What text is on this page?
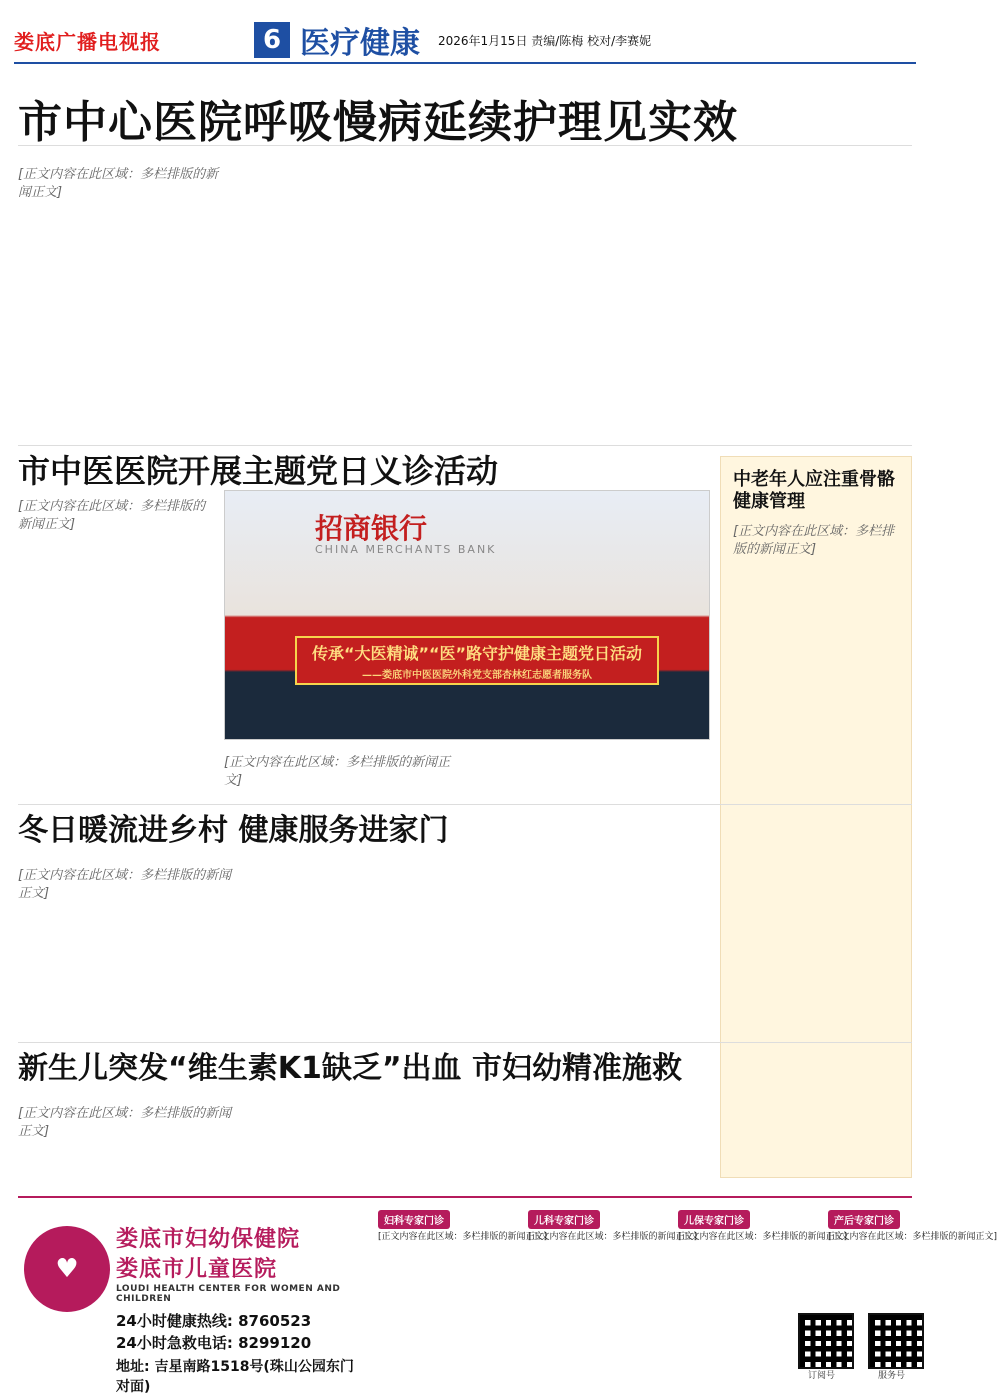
娄底广播电视报	6 医疗健康 2026年1月15日 责编/陈梅 校对/李赛妮
市中心医院呼吸慢病延续护理见实效
[正文内容在此区域：多栏排版的新闻正文]
市中医医院开展主题党日义诊活动
[正文内容在此区域：多栏排版的新闻正文]	招商银行
CHINA MERCHANTS BANK
传承“大医精诚”“医”路守护健康主题党日活动
——娄底市中医医院外科党支部杏林红志愿者服务队
[正文内容在此区域：多栏排版的新闻正文]
中老年人应注重骨骼健康管理
[正文内容在此区域：多栏排版的新闻正文]
冬日暖流进乡村 健康服务进家门
[正文内容在此区域：多栏排版的新闻正文]
新生儿突发“维生素K1缺乏”出血 市妇幼精准施救
[正文内容在此区域：多栏排版的新闻正文]
♥
娄底市妇幼保健院
娄底市儿童医院
LOUDI HEALTH CENTER FOR WOMEN AND CHILDREN
24小时健康热线: 8760523
24小时急救电话: 8299120
地址: 吉星南路1518号(珠山公园东门对面)
妇科专家门诊
[正文内容在此区域：多栏排版的新闻正文]
儿科专家门诊
[正文内容在此区域：多栏排版的新闻正文]
儿保专家门诊
[正文内容在此区域：多栏排版的新闻正文]
产后专家门诊
[正文内容在此区域：多栏排版的新闻正文]
订阅号	服务号
